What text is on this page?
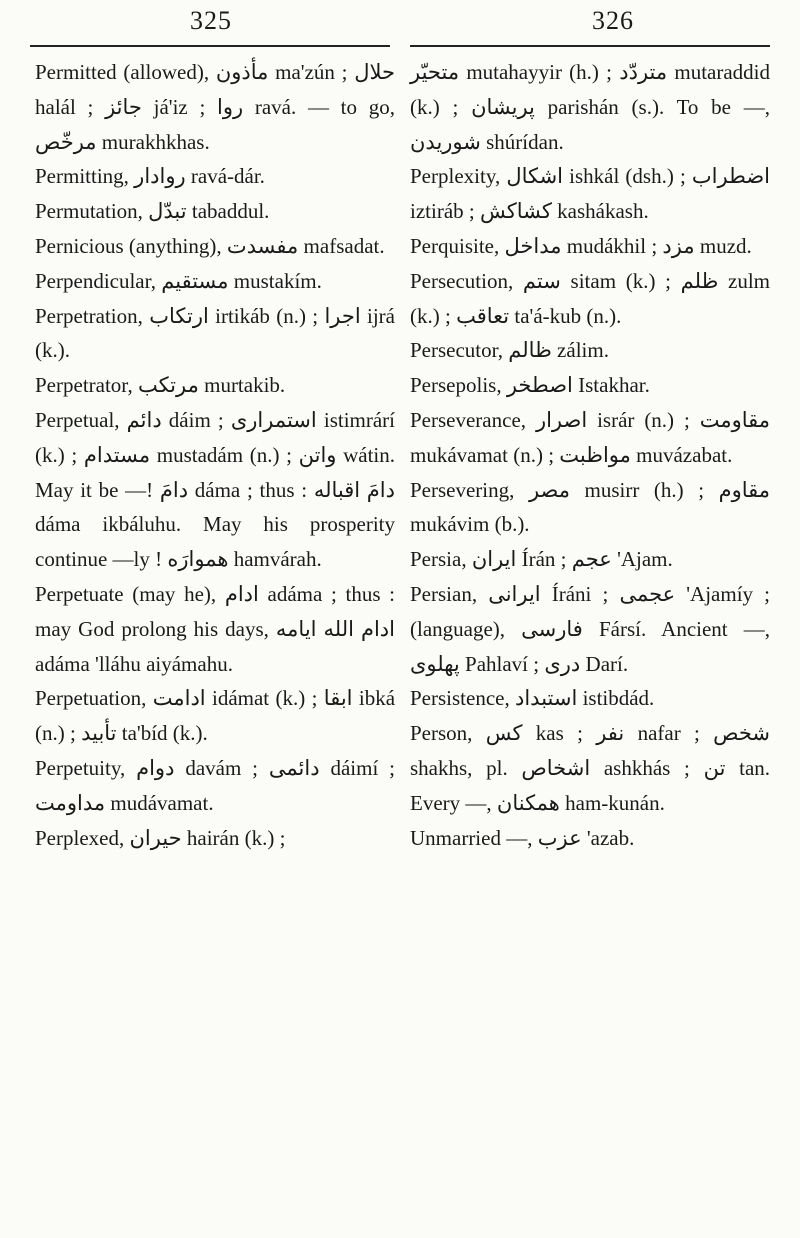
325	326

Permitted (allowed), مأذون ma'zún ; حلال halál ; جائز já'iz ; روا ravá. — to go, مرخّص murakhkhas.

Permitting, روادار ravá-dár.

Permutation, تبدّل tabaddul.

Pernicious (anything), مفسدت mafsadat.

Perpendicular, مستقيم mustakím.

Perpetration, ارتكاب irtikáb (n.) ; اجرا ijrá (k.).

Perpetrator, مرتكب murtakib.

Perpetual, دائم dáim ; استمرارى istimrárí (k.) ; مستدام mustadám (n.) ; واتن wátin. May it be —! دامَ dáma ; thus : دامَ اقباله dáma ikbáluhu. May his prosperity continue —ly ! هموارَه hamvárah.

Perpetuate (may he), ادام adáma ; thus : may God prolong his days, ادام الله ايامه adáma 'lláhu aiyámahu.

Perpetuation, ادامت idámat (k.) ; ابقا ibká (n.) ; تأبيد ta'bíd (k.).

Perpetuity, دوام davám ; دائمى dáimí ; مداومت mudávamat.

Perplexed, حيران hairán (k.) ;

متحيّر mutahayyir (h.) ; متردّد mutaraddid (k.) ; پريشان parishán (s.). To be —, شوريدن shúrídan.

Perplexity, اشكال ishkál (dsh.) ; اضطراب iztiráb ; كشاكش kashákash.

Perquisite, مداخل mudákhil ; مزد muzd.

Persecution, ستم sitam (k.) ; ظلم zulm (k.) ; تعاقب ta'á-kub (n.).

Persecutor, ظالم zálim.

Persepolis, اصطخر Istakhar.

Perseverance, اصرار isrár (n.) ; مقاومت mukávamat (n.) ; مواظبت muvázabat.

Persevering, مصر musirr (h.) ; مقاوم mukávim (b.).

Persia, ايران Írán ; عجم 'Ajam.

Persian, ايرانى Íráni ; عجمى 'Ajamíy ; (language), فارسى Fársí. Ancient —, پهلوى Pahlaví ; درى Darí.

Persistence, استبداد istibdád.

Person, كس kas ; نفر nafar ; شخص shakhs, pl. اشخاص ashkhás ; تن tan. Every —, همكنان ham-kunán.

Unmarried —, عزب 'azab.
